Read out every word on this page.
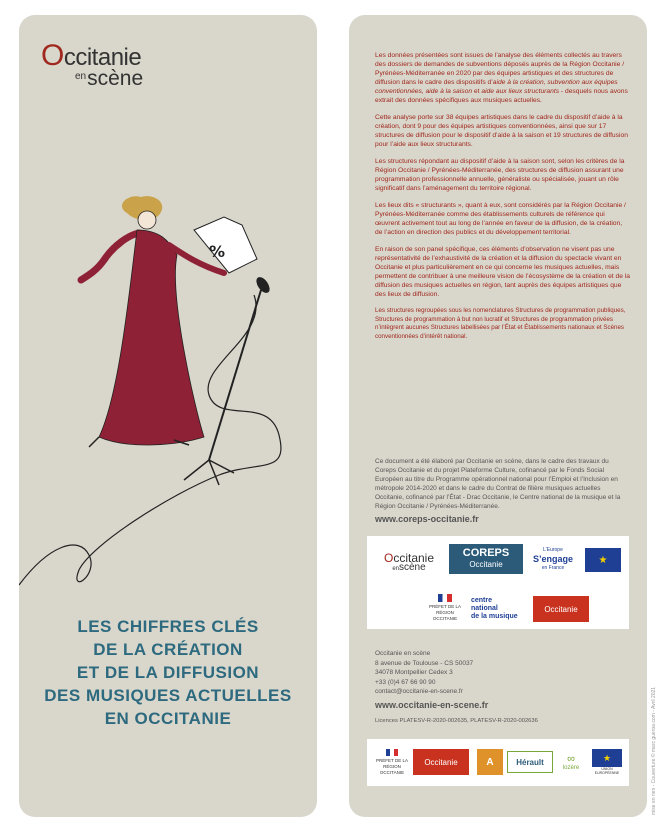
Occitanie
$^{en}$scène
%
LES CHIFFRES CLÉS
DE LA CRÉATION
ET DE LA DIFFUSION
DES MUSIQUES ACTUELLES
EN OCCITANIE

Les données présentées sont issues de l’analyse des éléments collectés au travers des dossiers de demandes de subventions déposés auprès de la Région Occitanie / Pyrénées-Méditerranée en 2020 par des équipes artistiques et des structures de diffusion dans le cadre des dispositifs d’aide à la création, subvention aux équipes conventionnées, aide à la saison et aide aux lieux structurants - desquels nous avons extrait des données spécifiques aux musiques actuelles.

Cette analyse porte sur 38 équipes artistiques dans le cadre du dispositif d’aide à la création, dont 9 pour des équipes artistiques conventionnées, ainsi que sur 17 structures de diffusion pour le dispositif d’aide à la saison et 19 structures de diffusion pour l’aide aux lieux structurants.

Les structures répondant au dispositif d’aide à la saison sont, selon les critères de la Région Occitanie / Pyrénées-Méditerranée, des structures de diffusion assurant une programmation professionnelle annuelle, généraliste ou spécialisée, jouant un rôle significatif dans l’aménagement du territoire régional.

Les lieux dits « structurants », quant à eux, sont considérés par la Région Occitanie / Pyrénées-Méditerranée comme des établissements culturels de référence qui œuvrent activement tout au long de l’année en faveur de la diffusion, de la création, de l’action en direction des publics et du développement territorial.

En raison de son panel spécifique, ces éléments d’observation ne visent pas une représentativité de l’exhaustivité de la création et la diffusion du spectacle vivant en Occitanie et plus particulièrement en ce qui concerne les musiques actuelles, mais permettent de contribuer à une meilleure vision de l’écosystème de la création et de la diffusion des musiques actuelles en région, tant auprès des équipes artistiques que des lieux de diffusion.

Les structures regroupées sous les nomenclatures Structures de programmation publiques, Structures de programmation à but non lucratif et Structures de programmation privées n’intègrent aucunes Structures labellisées par l’État et Établissements nationaux et Scènes conventionnées d’intérêt national.

Ce document a été élaboré par Occitanie en scène, dans le cadre des travaux du Coreps Occitanie et du projet Plateforme Culture, cofinancé par le Fonds Social Européen au titre du Programme opérationnel national pour l’Emploi et l’Inclusion en métropole 2014-2020 et dans le cadre du Contrat de filière musiques actuelles Occitanie, cofinancé par l’État - Drac Occitanie, le Centre national de la musique et la Région Occitanie / Pyrénées-Méditerranée.
www.coreps-occitanie.fr
Occitanie
enscène
COREPS
Occitanie
L’Europe
S’engage
en France
★
PRÉFET DE LA RÉGION OCCITANIE
centre
national
de la musique
Occitanie
Occitanie en scène
8 avenue de Toulouse - CS 50037
34078 Montpellier Cedex 3
+33 (0)4 67 66 90 90
contact@occitanie-en-scene.fr
www.occitanie-en-scene.fr
Licences PLATESV-R-2020-002635, PLATESV-R-2020-002636
PRÉFET DE LA RÉGION OCCITANIE
Occitanie	A	Hérault ∞
lozère
★
UNION EUROPÉENNE	mise en rien - Couverture © marc gueroa.com - Avril 2021
